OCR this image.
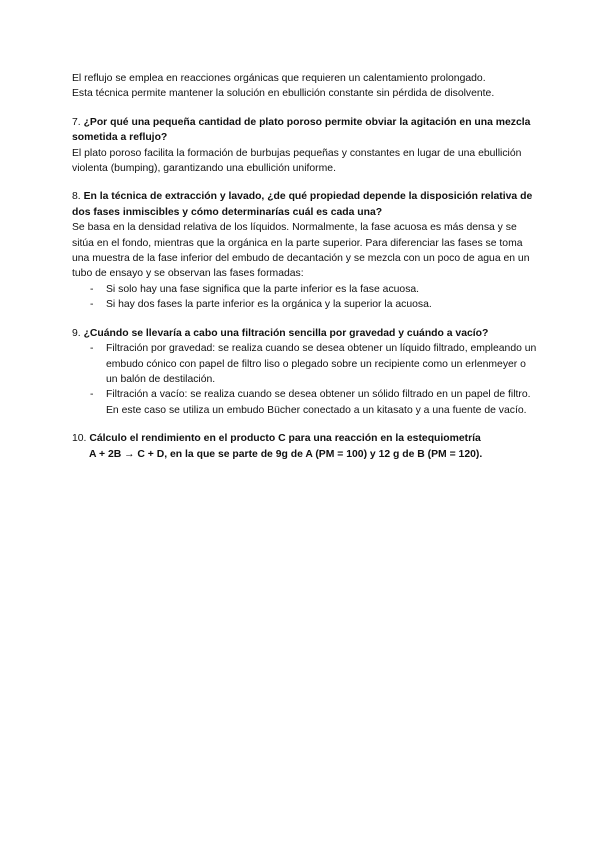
El reflujo se emplea en reacciones orgánicas que requieren un calentamiento prolongado.

Esta técnica permite mantener la solución en ebullición constante sin pérdida de disolvente.

7. ¿Por qué una pequeña cantidad de plato poroso permite obviar la agitación en una mezcla sometida a reflujo?

El plato poroso facilita la formación de burbujas pequeñas y constantes en lugar de una ebullición violenta (bumping), garantizando una ebullición uniforme.

8. En la técnica de extracción y lavado, ¿de qué propiedad depende la disposición relativa de dos fases inmiscibles y cómo determinarías cuál es cada una?

Se basa en la densidad relativa de los líquidos. Normalmente, la fase acuosa es más densa y se sitúa en el fondo, mientras que la orgánica en la parte superior. Para diferenciar las fases se toma una muestra de la fase inferior del embudo de decantación y se mezcla con un poco de agua en un tubo de ensayo y se observan las fases formadas:

- Si solo hay una fase significa que la parte inferior es la fase acuosa.
- Si hay dos fases la parte inferior es la orgánica y la superior la acuosa.

9. ¿Cuándo se llevaría a cabo una filtración sencilla por gravedad y cuándo a vacío?

- Filtración por gravedad: se realiza cuando se desea obtener un líquido filtrado, empleando un embudo cónico con papel de filtro liso o plegado sobre un recipiente como un erlenmeyer o un balón de destilación.
- Filtración a vacío: se realiza cuando se desea obtener un sólido filtrado en un papel de filtro. En este caso se utiliza un embudo Bücher conectado a un kitasato y a una fuente de vacío.
10. Cálculo el rendimiento en el producto C para una reacción en la estequiometría
A + 2B → C + D, en la que se parte de 9g de A (PM = 100) y 12 g de B (PM = 120).
